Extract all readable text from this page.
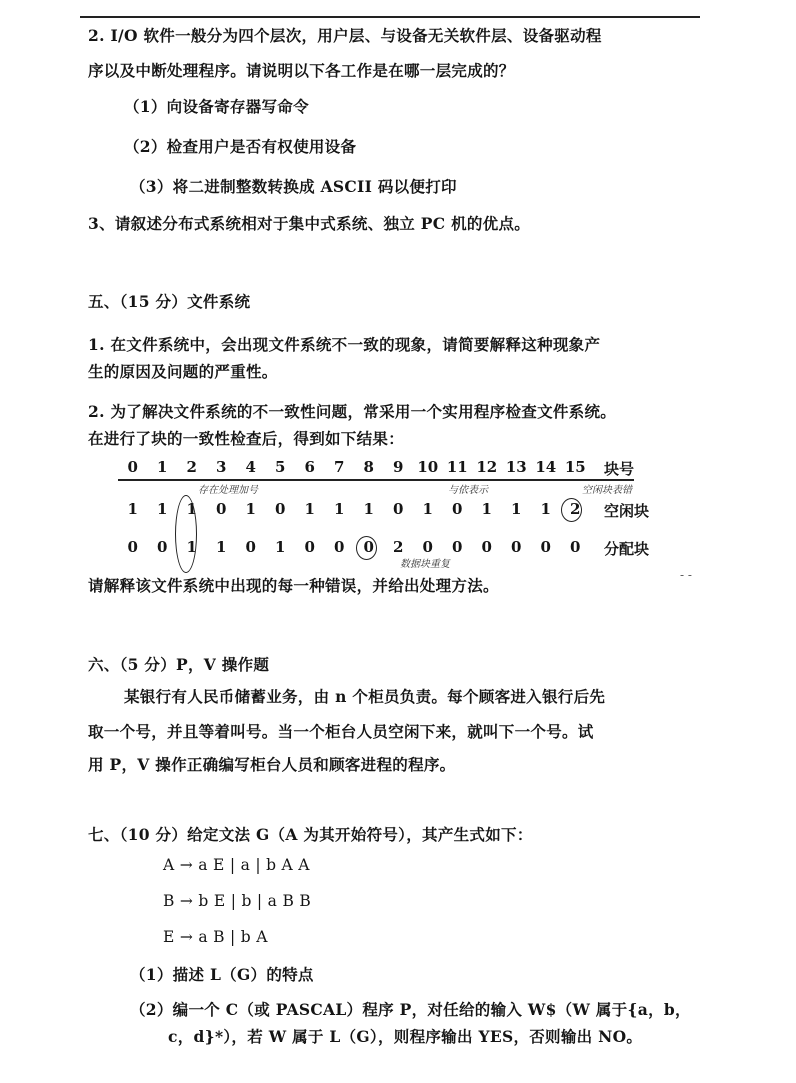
2. I/O 软件一般分为四个层次，用户层、与设备无关软件层、设备驱动程
序以及中断处理程序。请说明以下各工作是在哪一层完成的？
（1）向设备寄存器写命令
（2）检查用户是否有权使用设备
（3）将二进制整数转换成 ASCII 码以便打印
3、请叙述分布式系统相对于集中式系统、独立 PC 机的优点。
五、（15 分）文件系统
1. 在文件系统中，会出现文件系统不一致的现象，请简要解释这种现象产
生的原因及问题的严重性。
2. 为了解决文件系统的不一致性问题，常采用一个实用程序检查文件系统。
在进行了块的一致性检查后，得到如下结果：
0	1	2	3	4	5	6	7	8	9 10 11 12 13 14 15 块号
1	1	1	0	1	0	1	1	1	0	1	0	1	1	1	2	空闲块
0	0	1	1	0	1	0	0	0	2	0	0	0	0	0	0	分配块
存在处理加号	与依表示	空闲块表错
数据块重复
请解释该文件系统中出现的每一种错误，并给出处理方法。
- -
六、（5 分）P，V 操作题
某银行有人民币储蓄业务，由 n 个柜员负责。每个顾客进入银行后先
取一个号，并且等着叫号。当一个柜台人员空闲下来，就叫下一个号。试
用 P，V 操作正确编写柜台人员和顾客进程的程序。
七、（10 分）给定文法 G（A 为其开始符号），其产生式如下：
A → a E | a | b A A
B → b E | b | a B B
E → a B | b A
（1）描述 L（G）的特点
（2）编一个 C（或 PASCAL）程序 P，对任给的输入 W$（W 属于{a，b，
c，d}*），若 W 属于 L（G），则程序输出 YES，否则输出 NO。
